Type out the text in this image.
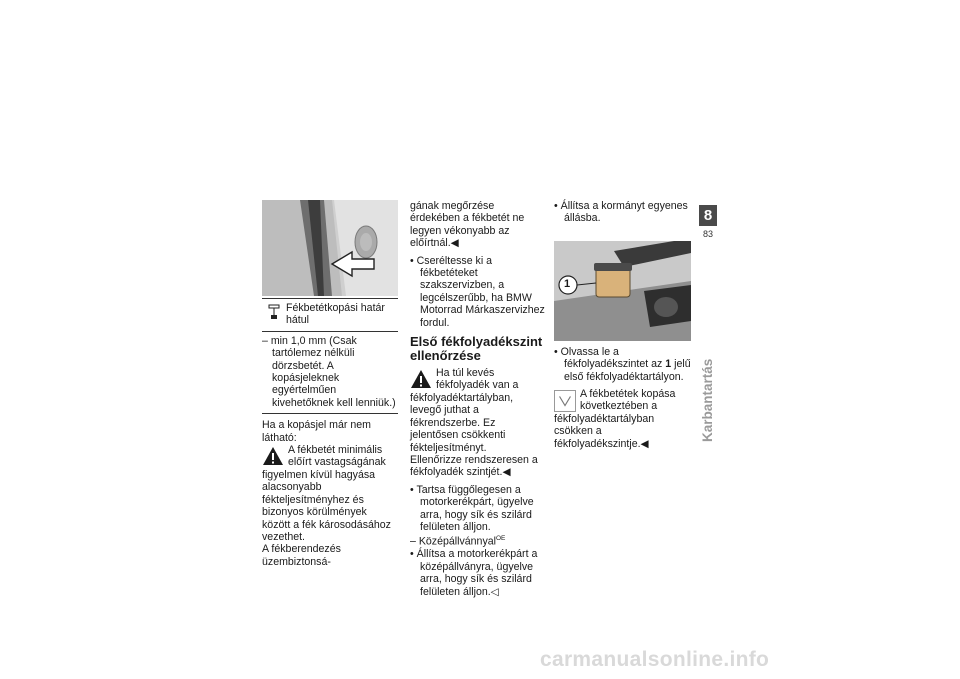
Fékbetétkopási határ hátul
– min 1,0 mm (Csak tartólemez nélküli dörzsbetét. A kopásjeleknek egyértelműen kivehetőknek kell lenniük.)

Ha a kopásjel már nem látható:

A fékbetét minimális előírt vastagságának figyelmen kívül hagyása alacsonyabb fékteljesítményhez és bizonyos körülmények között a fék károsodásához vezethet.

A fékberendezés üzembiztonsá-

gának megőrzése érdekében a fékbetét ne legyen vékonyabb az előírtnál.◀

• Cseréltesse ki a fékbetéteket szakszervizben, a legcélszerűbb, ha BMW Motorrad Márkaszervizhez fordul.

Első fékfolyadékszint ellenőrzése

Ha túl kevés fékfolyadék van a fékfolyadéktartályban, levegő juthat a fékrendszerbe. Ez jelentősen csökkenti fékteljesítményt.

Ellenőrizze rendszeresen a fékfolyadék szintjét.◀

• Tartsa függőlegesen a motorkerékpárt, ügyelve arra, hogy sík és szilárd felületen álljon.

– Középállvánnyal$^{OE}$

• Állítsa a motorkerékpárt a középállványra, ügyelve arra, hogy sík és szilárd felületen álljon.◁

• Állítsa a kormányt egyenes állásba.

1

• Olvassa le a fékfolyadékszintet az 1 jelű első fékfolyadéktartályon.

A fékbetétek kopása következtében a fékfolyadéktartályban csökken a fékfolyadékszintje.◀

8
83
Karbantartás
carmanualsonline.info
